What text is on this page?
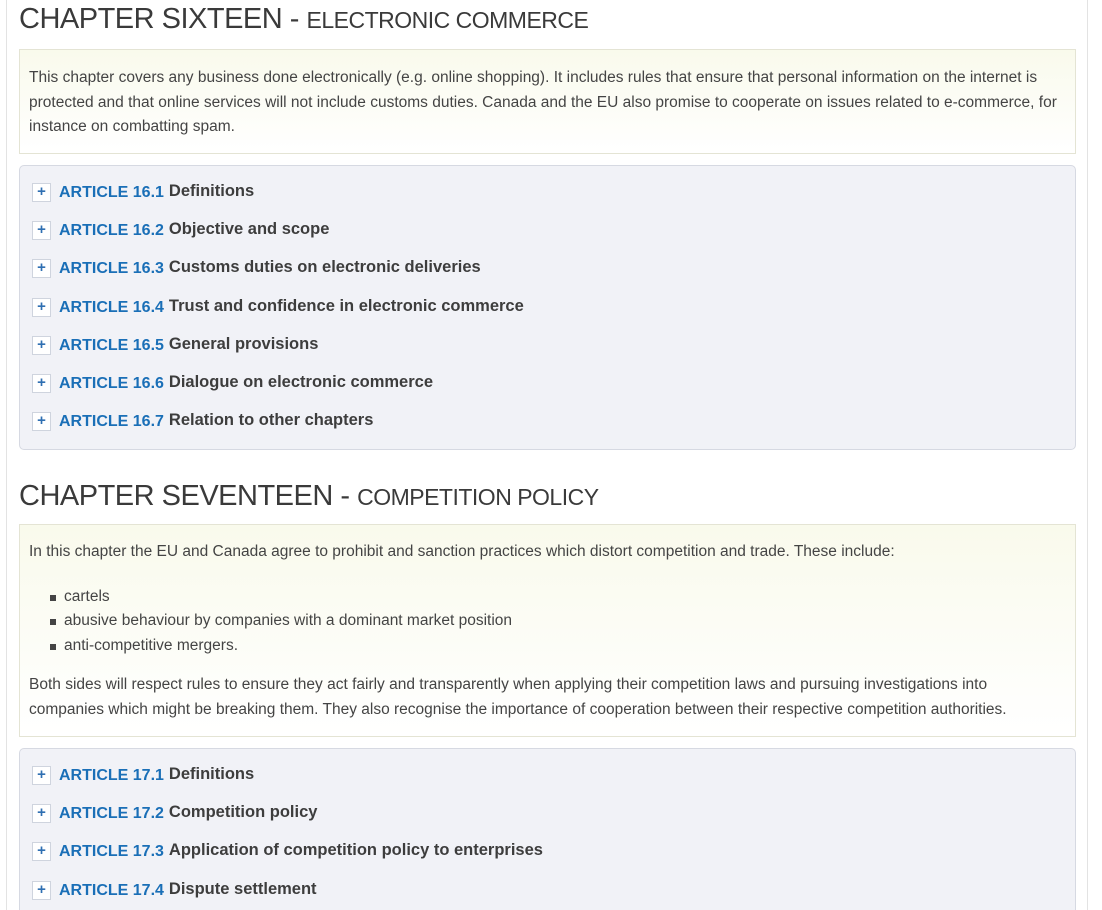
CHAPTER SIXTEEN - ELECTRONIC COMMERCE

This chapter covers any business done electronically (e.g. online shopping). It includes rules that ensure that personal information on the internet is protected and that online services will not include customs duties. Canada and the EU also promise to cooperate on issues related to e-commerce, for instance on combatting spam.

+ ARTICLE 16.1 Definitions
+ ARTICLE 16.2 Objective and scope
+ ARTICLE 16.3 Customs duties on electronic deliveries
+ ARTICLE 16.4 Trust and confidence in electronic commerce
+ ARTICLE 16.5 General provisions
+ ARTICLE 16.6 Dialogue on electronic commerce
+ ARTICLE 16.7 Relation to other chapters
CHAPTER SEVENTEEN - COMPETITION POLICY

In this chapter the EU and Canada agree to prohibit and sanction practices which distort competition and trade. These include:

cartels
abusive behaviour by companies with a dominant market position
anti-competitive mergers.

Both sides will respect rules to ensure they act fairly and transparently when applying their competition laws and pursuing investigations into companies which might be breaking them. They also recognise the importance of cooperation between their respective competition authorities.

+ ARTICLE 17.1 Definitions
+ ARTICLE 17.2 Competition policy
+ ARTICLE 17.3 Application of competition policy to enterprises
+ ARTICLE 17.4 Dispute settlement
